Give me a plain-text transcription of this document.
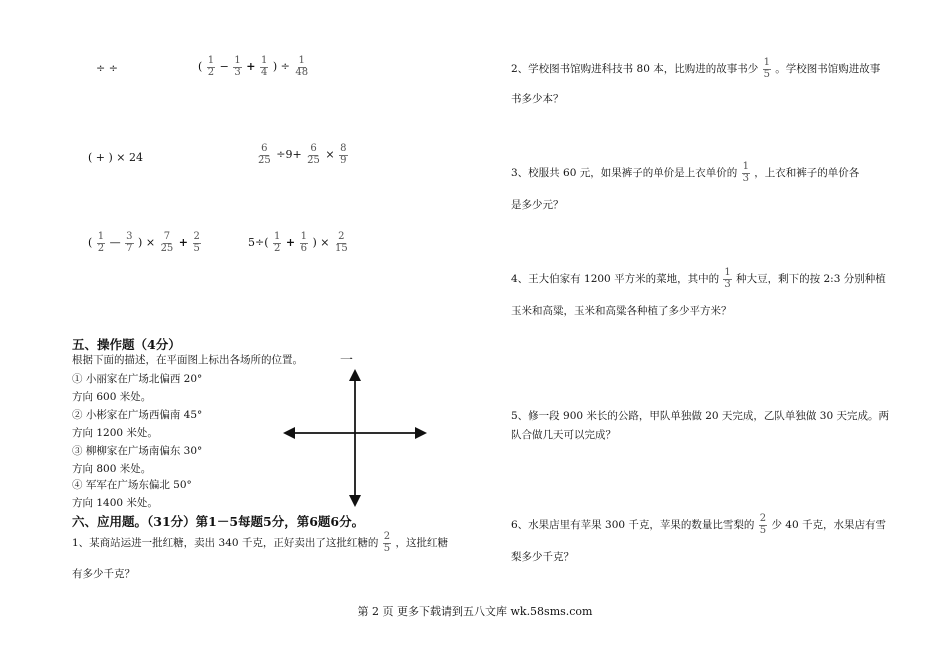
÷ ÷	( $\frac{1}{2} - \frac{1}{3} + \frac{1}{4}$ ) ÷ $\frac{1}{48}$
( + ) × 24	$\frac{6}{25} \div 9+ \frac{6}{25} \times \frac{8}{9}$
( $\frac{1}{2}$ — $\frac{3}{7}$ ) × $\frac{7}{25} + \frac{2}{5}$	$5\div( \frac{1}{2} + \frac{1}{6}$ ) × $\frac{2}{15}$
五、操作题（4分）
根据下面的描述，在平面图上标出各场所的位置。	一
① 小丽家在广场北偏西 20°
方向 600 米处。
② 小彬家在广场西偏南 45°
方向 1200 米处。
③ 柳柳家在广场南偏东 30°
方向 800 米处。
④ 军军在广场东偏北 50°
方向 1400 米处。
六、应用题。（31分）第1－5每题5分，第6题6分。
1、某商站运进一批红糖，卖出 340 千克，正好卖出了这批红糖的 $\frac{2}{5}$ ，这批红糖
有多少千克？
2、学校图书馆购进科技书 80 本，比购进的故事书少 $\frac{1}{5}$ 。学校图书馆购进故事
书多少本？
3、校服共 60 元，如果裤子的单价是上衣单价的 $\frac{1}{3}$ ，上衣和裤子的单价各
是多少元？
4、王大伯家有 1200 平方米的菜地，其中的 $\frac{1}{3}$ 种大豆，剩下的按 2:3 分别种植
玉米和高粱，玉米和高粱各种植了多少平方米？
5、修一段 900 米长的公路，甲队单独做 20 天完成，乙队单独做 30 天完成。两
队合做几天可以完成？
6、水果店里有苹果 300 千克，苹果的数量比雪梨的 $\frac{2}{5}$ 少 40 千克，水果店有雪
梨多少千克？
第 2 页 更多下载请到五八文库 wk.58sms.com
